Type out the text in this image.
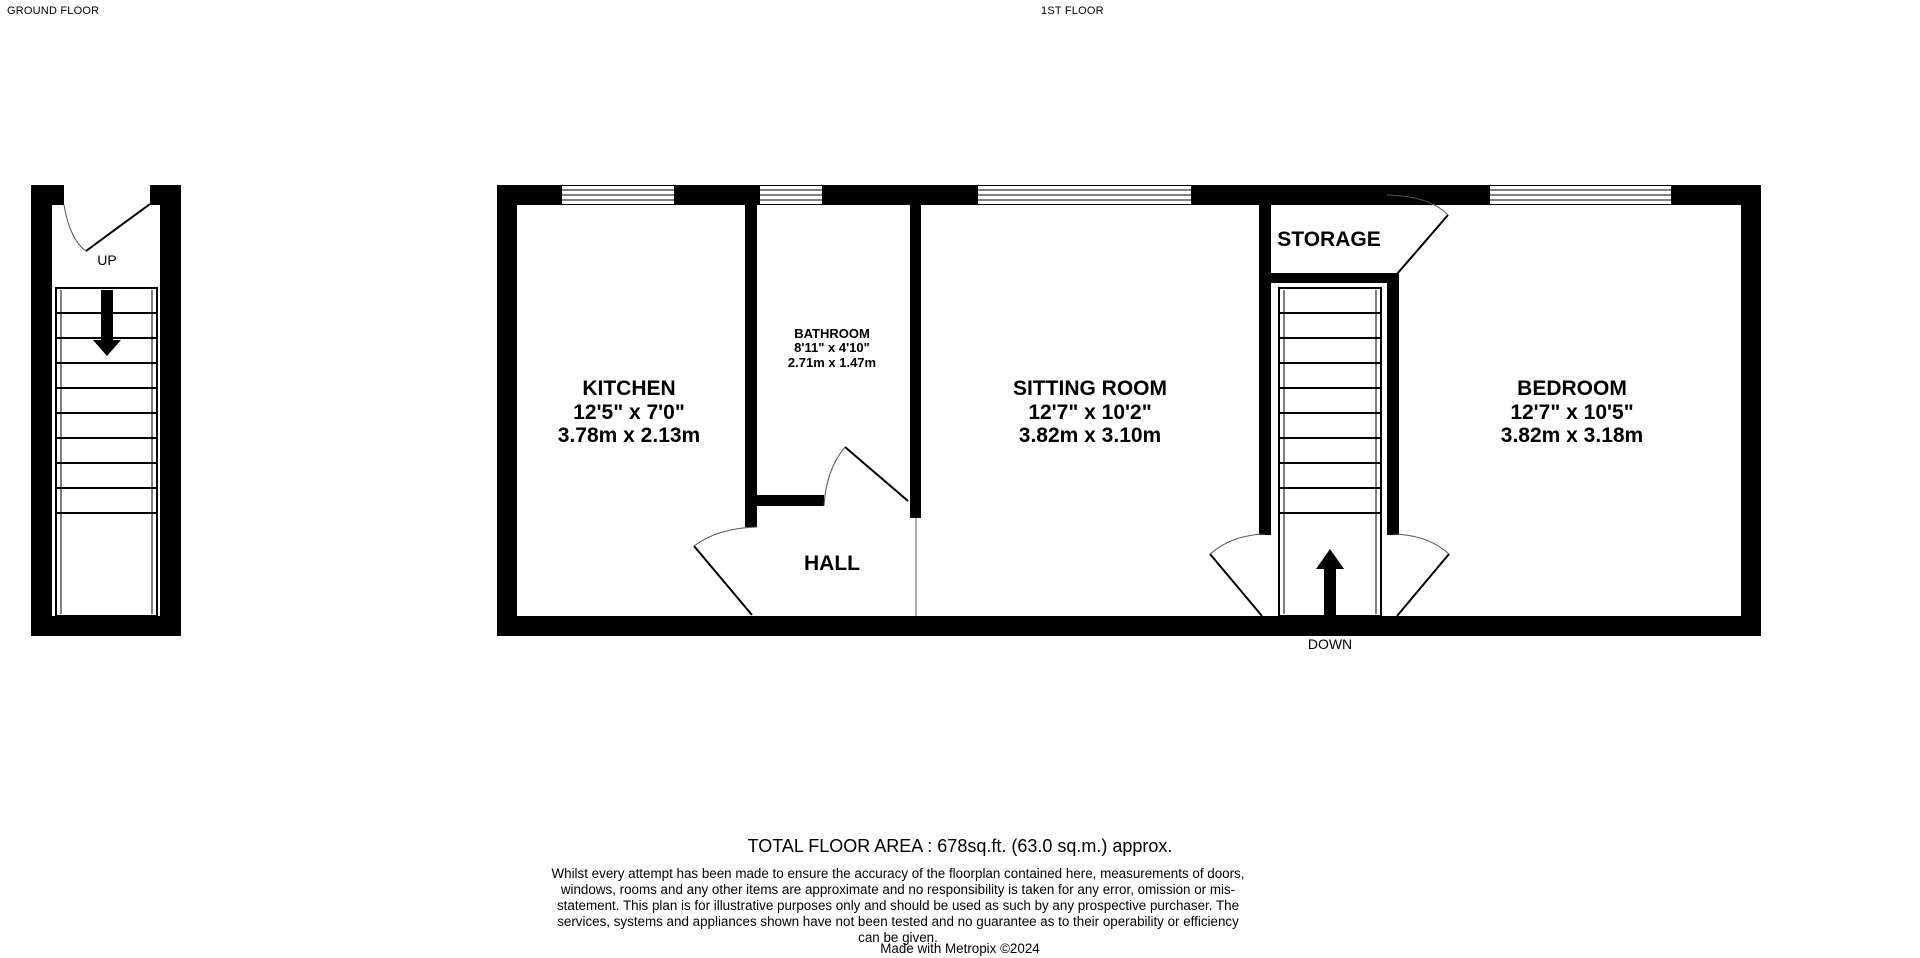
GROUND FLOOR	1ST FLOOR
UP
DOWN
KITCHEN
12'5" x 7'0"
3.78m x 2.13m
BATHROOM
8'11" x 4'10"
2.71m x 1.47m
SITTING ROOM
12'7" x 10'2"
3.82m x 3.10m
BEDROOM
12'7" x 10'5"
3.82m x 3.18m
HALL
STORAGE
TOTAL FLOOR AREA : 678sq.ft. (63.0 sq.m.) approx.
Whilst every attempt has been made to ensure the accuracy of the floorplan contained here, measurements of doors, windows, rooms and any other items are approximate and no responsibility is taken for any error, omission or mis-statement. This plan is for illustrative purposes only and should be used as such by any prospective purchaser. The services, systems and appliances shown have not been tested and no guarantee as to their operability or efficiency can be given.
Made with Metropix ©2024
